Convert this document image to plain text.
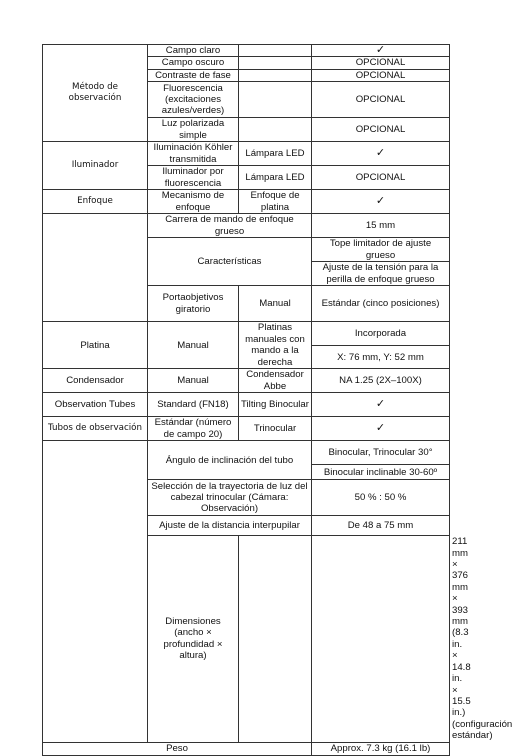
Método de observación	Campo claro		✓	
	Campo oscuro		OPCIONAL	
	Contraste de fase		OPCIONAL	
	Fluorescencia (excitaciones azules/verdes)		OPCIONAL	
	Luz polarizada simple		OPCIONAL	
Iluminador	Iluminación Köhler transmitida	Lámpara LED	✓	
	Iluminador por fluorescencia	Lámpara LED	OPCIONAL	
Enfoque	Mecanismo de enfoque	Enfoque de platina	✓	
	Carrera de mando de enfoque grueso		15 mm	
	Características		Tope limitador de ajuste grueso	
			Ajuste de la tensión para la perilla de enfoque grueso	
	Portaobjetivos giratorio	Manual	Estándar (cinco posiciones)	
Platina	Manual	Platinas manuales con mando a la derecha	Incorporada	
			X: 76 mm, Y: 52 mm	
Condensador	Manual	Condensador Abbe	NA 1.25 (2X–100X)	
Observation Tubes	Standard (FN18)	Tilting Binocular	✓	
Tubos de observación	Estándar (número de campo 20)	Trinocular	✓	
	Ángulo de inclinación del tubo		Binocular, Trinocular 30°	
			Binocular inclinable 30-60º	
	Selección de la trayectoria de luz del cabezal trinocular (Cámara: Observación)		50 % : 50 %	
	Ajuste de la distancia interpupilar		De 48 a 75 mm	
	Dimensiones (ancho × profundidad × altura)			211 mm × 376 mm × 393 mm (8.3 in. × 14.8 in. × 15.5 in.) (configuración estándar)
Peso			Approx. 7.3 kg (16.1 lb)	
